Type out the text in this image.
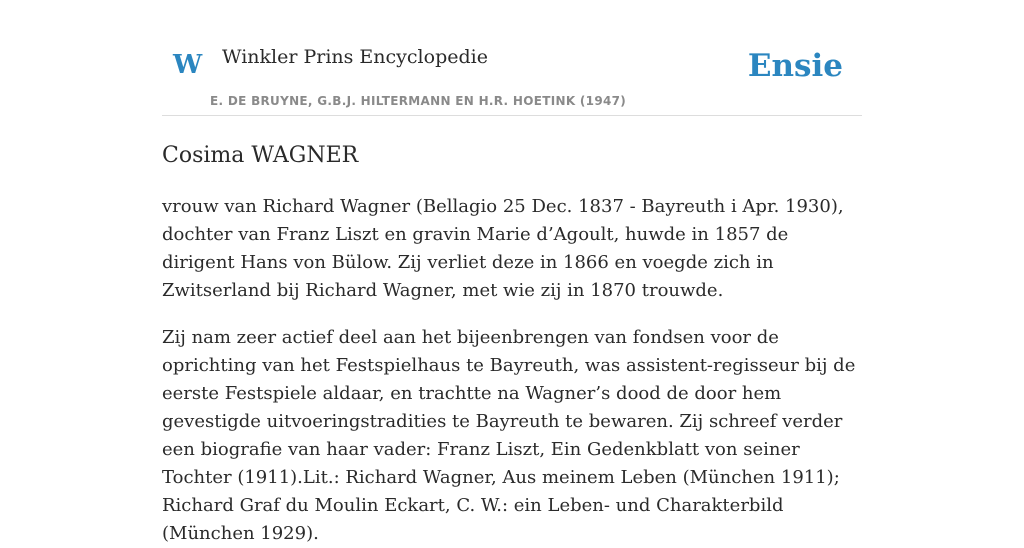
W Winkler Prins Encyclopedie
E. DE BRUYNE, G.B.J. HILTERMANN EN H.R. HOETINK (1947)
Ensie
Cosima WAGNER

vrouw van Richard Wagner (Bellagio 25 Dec. 1837 - Bayreuth i Apr. 1930), dochter van Franz Liszt en gravin Marie d’Agoult, huwde in 1857 de dirigent Hans von Bülow. Zij verliet deze in 1866 en voegde zich in Zwitserland bij Richard Wagner, met wie zij in 1870 trouwde.

Zij nam zeer actief deel aan het bijeenbrengen van fondsen voor de oprichting van het Festspielhaus te Bayreuth, was assistent-regisseur bij de eerste Festspiele aldaar, en trachtte na Wagner’s dood de door hem gevestigde uitvoeringstradities te Bayreuth te bewaren. Zij schreef verder een biografie van haar vader: Franz Liszt, Ein Gedenkblatt von seiner Tochter (1911).Lit.: Richard Wagner, Aus meinem Leben (München 1911); Richard Graf du Moulin Eckart, C. W.: ein Leben- und Charakterbild (München 1929).
